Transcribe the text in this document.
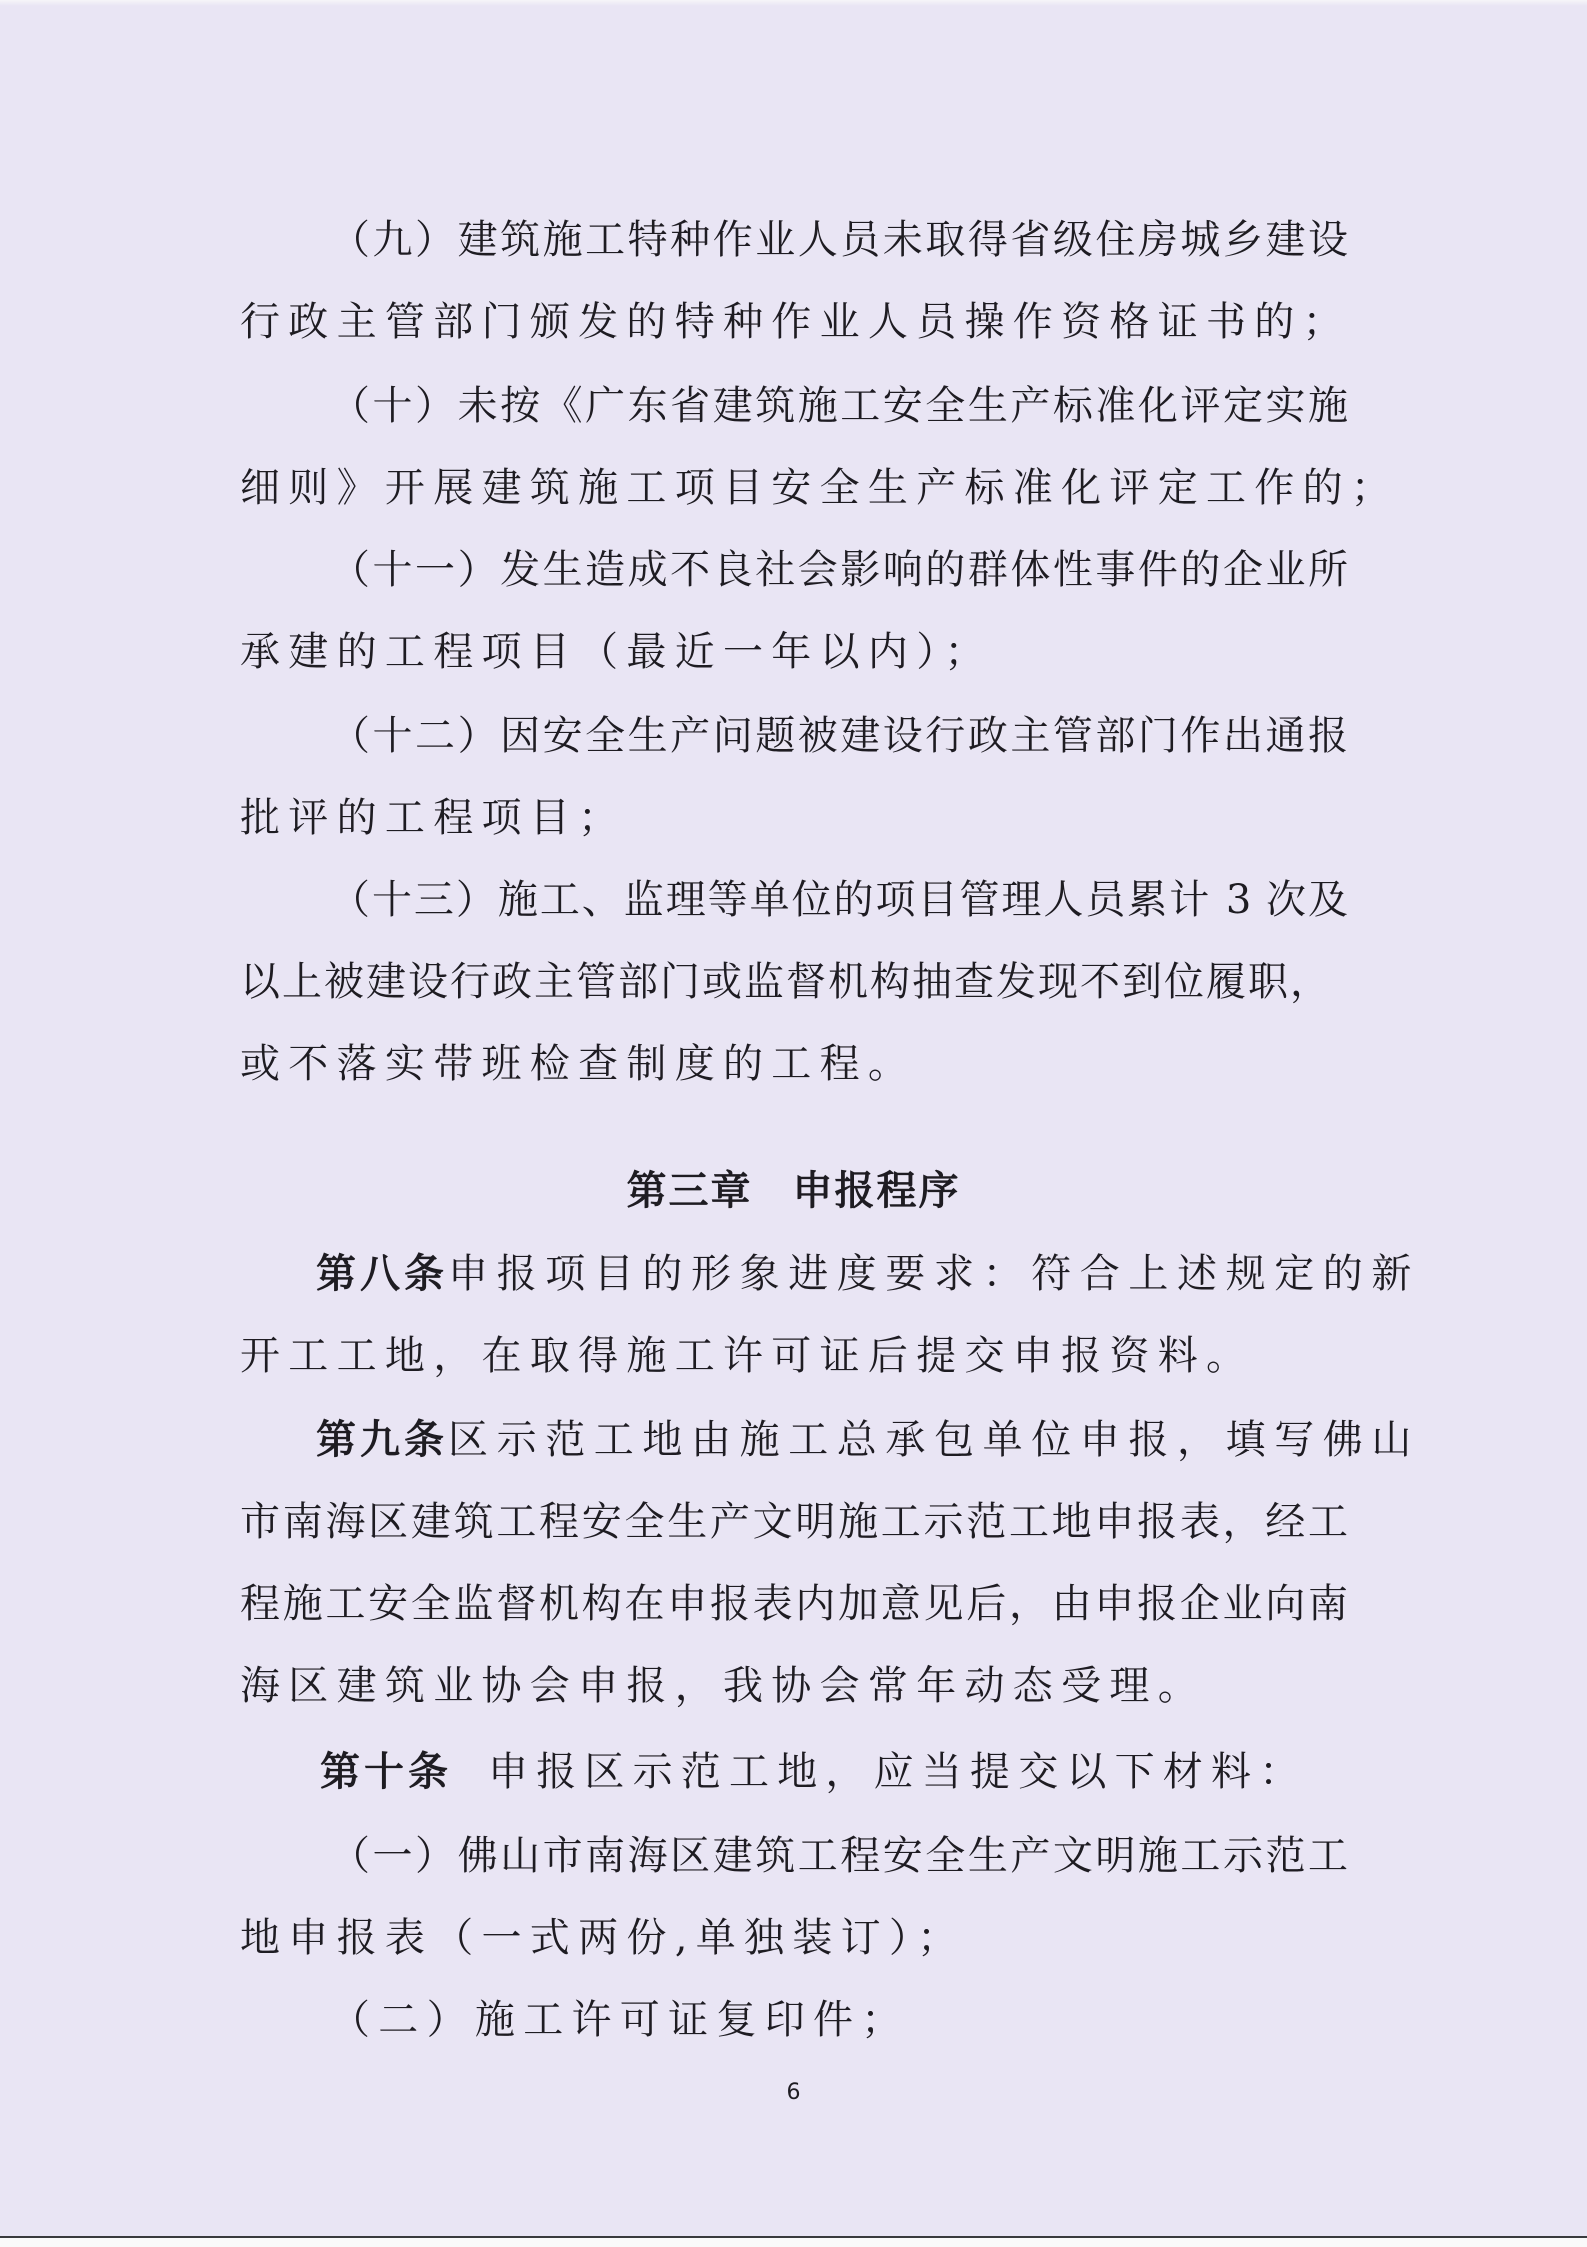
（九）建筑施工特种作业人员未取得省级住房城乡建设
行政主管部门颁发的特种作业人员操作资格证书的；
（十）未按《广东省建筑施工安全生产标准化评定实施
细则》开展建筑施工项目安全生产标准化评定工作的；
（十一）发生造成不良社会影响的群体性事件的企业所
承建的工程项目（最近一年以内）；
（十二）因安全生产问题被建设行政主管部门作出通报
批评的工程项目；
（十三）施工、监理等单位的项目管理人员累计 3 次及
以上被建设行政主管部门或监督机构抽查发现不到位履职，
或不落实带班检查制度的工程。
第三章 申报程序
第八条 申报项目的形象进度要求：符合上述规定的新
开工工地，在取得施工许可证后提交申报资料。
第九条 区示范工地由施工总承包单位申报，填写佛山
市南海区建筑工程安全生产文明施工示范工地申报表，经工
程施工安全监督机构在申报表内加意见后，由申报企业向南
海区建筑业协会申报，我协会常年动态受理。
第十条 申报区示范工地，应当提交以下材料：
（一）佛山市南海区建筑工程安全生产文明施工示范工
地申报表（一式两份,单独装订）；
（二）施工许可证复印件；
6
